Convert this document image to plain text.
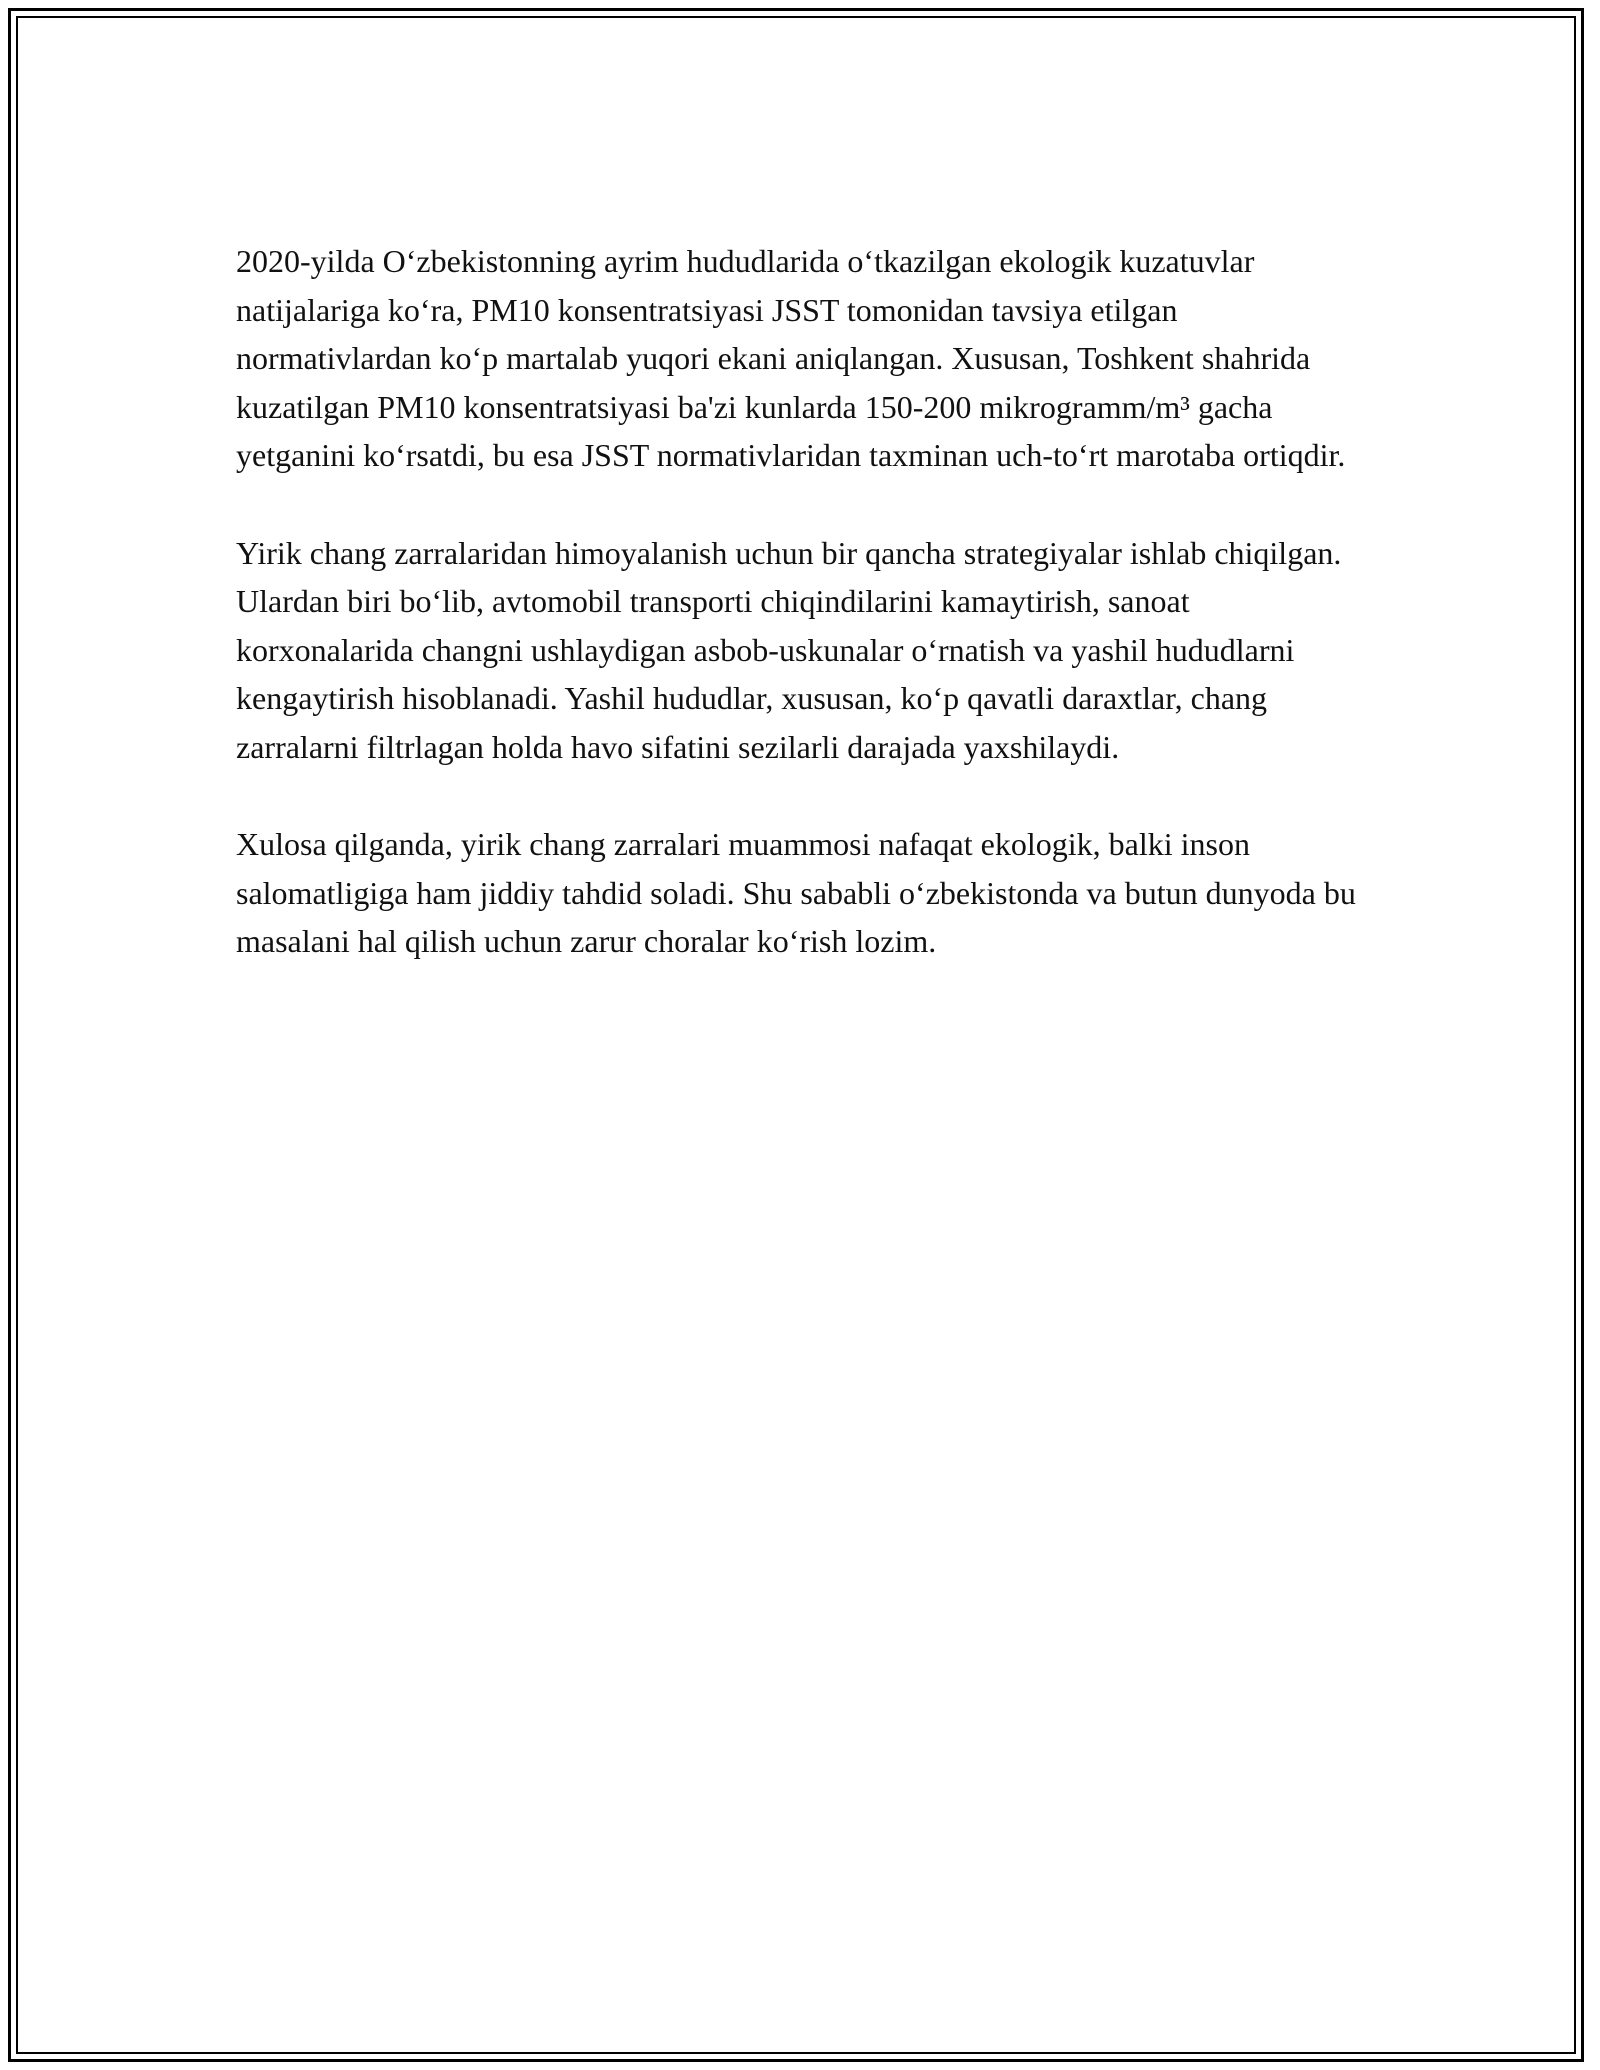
2020-yilda O‘zbekistonning ayrim hududlarida o‘tkazilgan ekologik kuzatuvlar natijalariga ko‘ra, PM10 konsentratsiyasi JSST tomonidan tavsiya etilgan normativlardan ko‘p martalab yuqori ekani aniqlangan. Xususan, Toshkent shahrida kuzatilgan PM10 konsentratsiyasi ba'zi kunlarda 150-200 mikrogramm/m³ gacha yetganini ko‘rsatdi, bu esa JSST normativlaridan taxminan uch-to‘rt marotaba ortiqdir.

Yirik chang zarralaridan himoyalanish uchun bir qancha strategiyalar ishlab chiqilgan. Ulardan biri bo‘lib, avtomobil transporti chiqindilarini kamaytirish, sanoat korxonalarida changni ushlaydigan asbob-uskunalar o‘rnatish va yashil hududlarni kengaytirish hisoblanadi. Yashil hududlar, xususan, ko‘p qavatli daraxtlar, chang zarralarni filtrlagan holda havo sifatini sezilarli darajada yaxshilaydi.

Xulosa qilganda, yirik chang zarralari muammosi nafaqat ekologik, balki inson salomatligiga ham jiddiy tahdid soladi. Shu sababli o‘zbekistonda va butun dunyoda bu masalani hal qilish uchun zarur choralar ko‘rish lozim.
